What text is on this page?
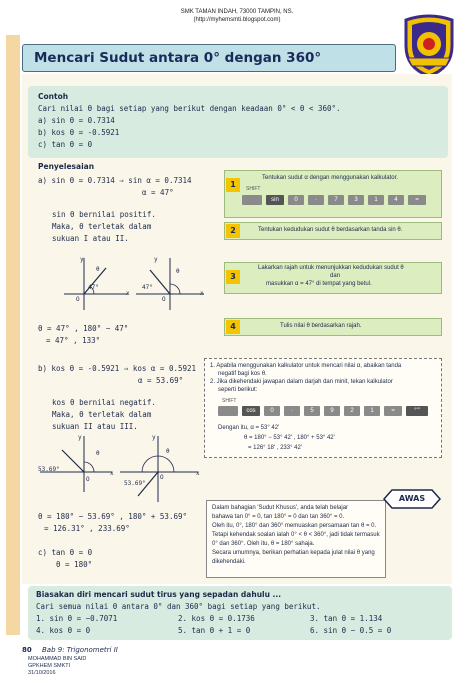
SMK TAMAN INDAH, 73000 TAMPIN, NS.
(http://myhemsmti.blogspot.com)
Mencari Sudut antara 0° dengan 360°
Contoh
Cari nilai θ bagi setiap yang berikut dengan keadaan 0° < θ < 360°.
a) sin θ = 0.7314
b) kos θ = -0.5921
c) tan θ = 0
Penyelesaian
a) sin θ = 0.7314 ⇒ sin α = 0.7314
α = 47°
sin θ bernilai positif.
Maka, θ terletak dalam
sukuan I atau II.
y
x
O
47°
θ
y
x
O
47°
θ
θ = 47° , 180° − 47°
= 47° , 133°
1
Tentukan sudut α dengan menggunakan kalkulator.
SHIFT
sin	0	·	7	3	1	4	=
2	Tentukan kedudukan sudut θ berdasarkan tanda sin θ.
3
Lakarkan rajah untuk menunjukkan kedudukan sudut θ
dan
masukkan α = 47° di tempat yang betul.
4	Tulis nilai θ berdasarkan rajah.
b) kos θ = -0.5921 ⇒ kos α = 0.5921
α = 53.69°
kos θ bernilai negatif.
Maka, θ terletak dalam
sukuan II atau III.
1. Apabila menggunakan kalkulator untuk mencari nilai α, abaikan tanda
negatif bagi kos θ.
2. Jika dikehendaki jawapan dalam darjah dan minit, tekan kalkulator
seperti berikut:
SHIFT
cos	0	·	5	9	2	1	=	°'''
Dengan itu, α = 53° 42'
θ = 180° − 53° 42' , 180° + 53° 42'
= 126° 18' , 233° 42'
y
x
O
53.69°
θ
y
x
O
53.69°
θ
θ = 180° − 53.69° , 180° + 53.69°
= 126.31° , 233.69°
c) tan θ = 0
θ = 180°
AWAS
Dalam bahagian 'Sudut Khusus', anda telah belajar
bahawa tan 0° = 0, tan 180° = 0 dan tan 360° = 0.
Oleh itu, 0°, 180° dan 360° memuaskan persamaan tan θ = 0.
Tetapi kehendak soalan ialah 0° < θ < 360°, jadi tidak termasuk
0° dan 360°. Oleh itu, θ = 180° sahaja.
Secara umumnya, berikan perhatian kepada julat nilai θ yang
dikehendaki.
Biasakan diri mencari sudut tirus yang sepadan dahulu ...
Cari semua nilai θ antara 0° dan 360° bagi setiap yang berikut.
1. sin θ = −0.7071	2. kos θ = 0.1736	3. tan θ = 1.134
4. kos θ = 0	5. tan θ + 1 = 0	6. sin θ − 0.5 = 0
80 Bab 9: Trigonometri II
MOHAMMAD BIN SAID
GPKHEM SMKTI
31/10/2016
